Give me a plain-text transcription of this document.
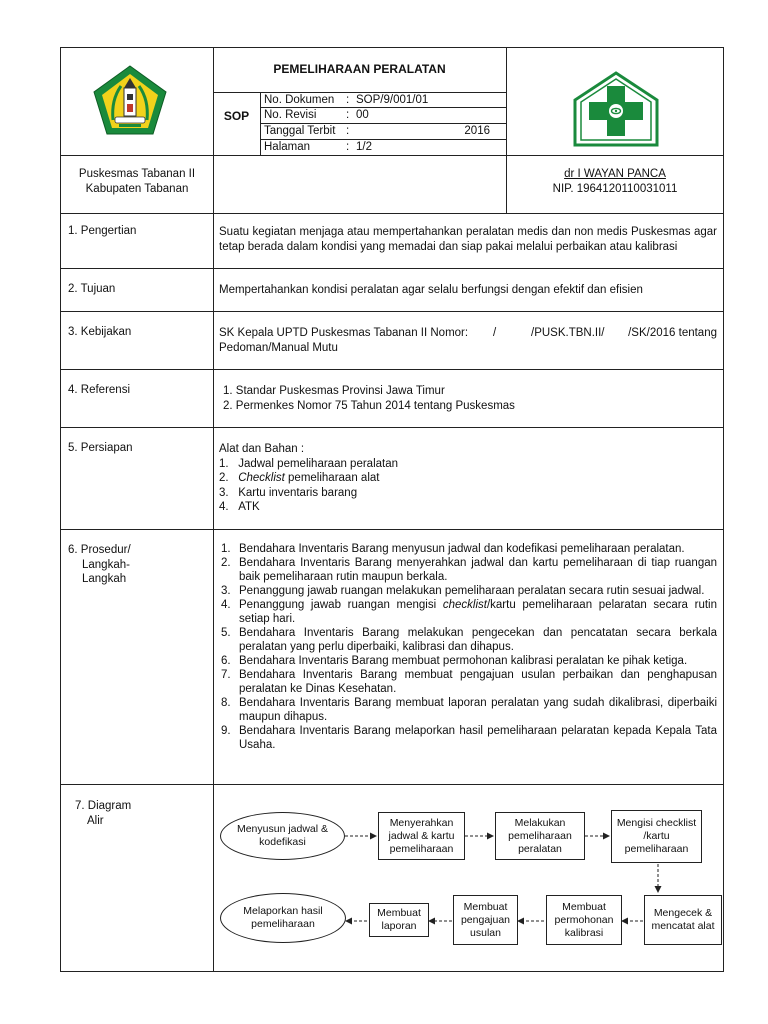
PEMELIHARAAN PERALATAN
SOP
No. Dokumen : SOP/9/001/01
No. Revisi	: 00
Tanggal Terbit :	2016
Halaman	: 1/2
Puskesmas Tabanan II
Kabupaten Tabanan
dr I WAYAN PANCA
NIP. 1964120110031011
1. Pengertian	Suatu kegiatan menjaga atau mempertahankan peralatan medis dan non medis Puskesmas agar tetap berada dalam kondisi yang memadai dan siap pakai melalui perbaikan atau kalibrasi
2. Tujuan	Mempertahankan kondisi peralatan agar selalu berfungsi dengan efektif dan efisien
3. Kebijakan	SK Kepala UPTD Puskesmas Tabanan II Nomor: /	/PUSK.TBN.II/ /SK/2016 tentang
Pedoman/Manual Mutu
4. Referensi	1. Standar Puskesmas Provinsi Jawa Timur
2. Permenkes Nomor 75 Tahun 2014 tentang Puskesmas
5. Persiapan	Alat dan Bahan :
1. Jadwal pemeliharaan peralatan
2. Checklist pemeliharaan alat
3. Kartu inventaris barang
4. ATK
6. Prosedur/
Langkah-
Langkah
1. Bendahara Inventaris Barang menyusun jadwal dan kodefikasi pemeliharaan peralatan.
2. Bendahara Inventaris Barang menyerahkan jadwal dan kartu pemeliharaan di tiap ruangan baik pemeliharaan rutin maupun berkala.
3. Penanggung jawab ruangan melakukan pemeliharaan peralatan secara rutin sesuai jadwal.
4. Penanggung jawab ruangan mengisi checklist/kartu pemeliharaan pelaratan secara rutin setiap hari.
5. Bendahara Inventaris Barang melakukan pengecekan dan pencatatan secara berkala peralatan yang perlu diperbaiki, kalibrasi dan dihapus.
6. Bendahara Inventaris Barang membuat permohonan kalibrasi peralatan ke pihak ketiga.
7. Bendahara Inventaris Barang membuat pengajuan usulan perbaikan dan penghapusan peralatan ke Dinas Kesehatan.
8. Bendahara Inventaris Barang membuat laporan peralatan yang sudah dikalibrasi, diperbaiki maupun dihapus.
9. Bendahara Inventaris Barang melaporkan hasil pemeliharaan pelaratan kepada Kepala Tata Usaha.
7. Diagram
Alir
Menyusun jadwal & kodefikasi
Menyerahkan jadwal & kartu pemeliharaan
Melakukan pemeliharaan peralatan
Mengisi checklist /kartu pemeliharaan
Mengecek & mencatat alat
Membuat permohonan kalibrasi
Membuat pengajuan usulan
Membuat laporan
Melaporkan hasil pemeliharaan
